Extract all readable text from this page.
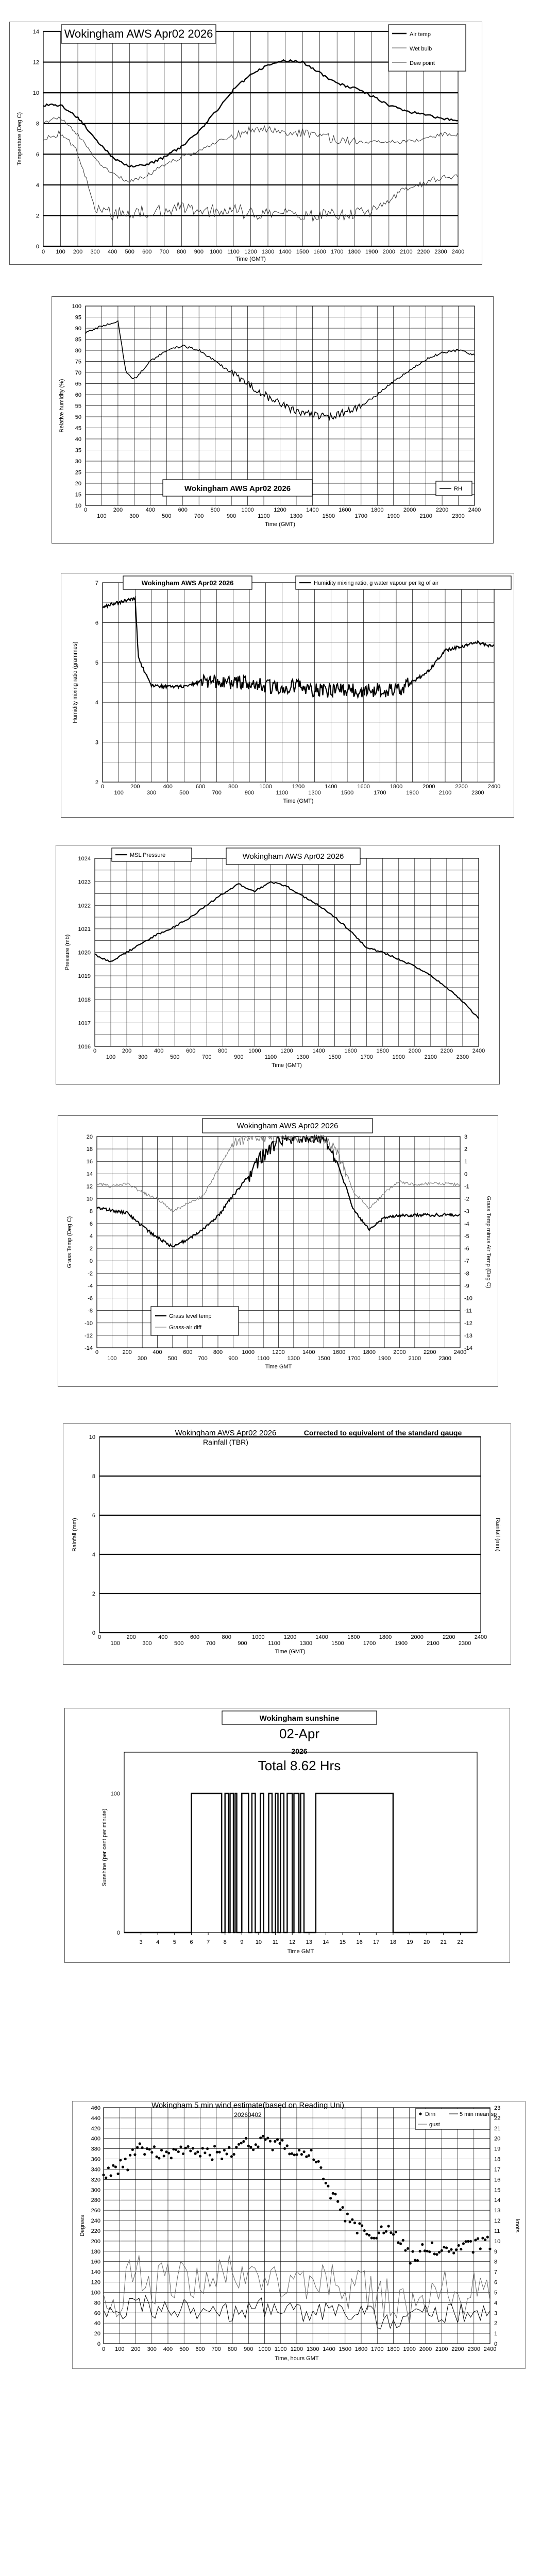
0
2
4
6
8
10
12
14
0 100 200 300 400 500 600 700 800 900 1000 1100 1200 1300 1400 1500 1600 1700 1800 1900 2000 2100 2200 2300 2400
Time (GMT)
Temperature (Deg C)
Wokingham AWS Apr02 2026	Air temp
Wet bulb
Dew point
10
15
20
25
30
35
40
45
50
55
60
65
70
75
80
85
90
95
100
0
100
200
300
400
500
600
700
800
900
1000
1100
1200
1300
1400
1500
1600
1700
1800
1900
2000
2100
2200
2300
2400
Time (GMT)
Relative humidity (%)
Wokingham AWS Apr02 2026	RH
2
3
4
5
6
7
0
100
200
300
400
500
600
700
800
900
1000
1100
1200
1300
1400
1500
1600
1700
1800
1900
2000
2100
2200
2300
2400
Time (GMT)
Humidity mixing ratio (grammes)
Wokingham AWS Apr02 2026	Humidity mixing ratio, g water vapour per kg of air
1016
1017
1018
1019
1020
1021
1022
1023
1024
0
100
200
300
400
500
600
700
800
900
1000
1100
1200
1300
1400
1500
1600
1700
1800
1900
2000
2100
2200
2300
2400
Time (GMT)
Pressure (mb)
MSL Pressure	Wokingham AWS Apr02 2026
-14
-12
-10
-8
-6
-4
-2
0
2
4
6
8
10
12
14
16
18
20
-14
-13
-12
-11
-10
-9
-8
-7
-6
-5
-4
-3
-2
-1
0
1
2
3
0
100
200
300
400
500
600
700
800
900
1000
1100
1200
1300
1400
1500
1600
1700
1800
1900
2000
2100
2200
2300
2400
Time GMT
Grass Temp (Deg C)	Grass Temp minus Air Temp (Deg C)
Wokingham AWS Apr02 2026
Grass level temp
Grass-air diff
0
2
4
6
8
10
0
100
200
300
400
500
600
700
800
900
1000
1100
1200
1300
1400
1500
1600
1700
1800
1900
2000
2100
2200
2300
2400
Time (GMT)
Rainfall (mm)	Rainfall (mm)
Wokingham AWS Apr02 2026
Rainfall (TBR)
Corrected to equivalent of the standard gauge
100
0
3 4 5 6 7 8 9 10 11 12 13 14 15 16 17 18 19 20 21 22
Time GMT
Sunshine (per cent per minute)
Wokingham sunshine
02-Apr
2026
Total 8.62 Hrs
0
20
40
60
80
100
120
140
160
180
200
220
240
260
280
300
320
340
360
380
400
420
440
460
0
1
2
3
4
5
6
7
8
9
10
11
12
13
14
15
16
17
18
19
20
21
22
23
0 100 200 300 400 500 600 700 800 900 1000 1100 1200 1300 1400 1500 1600 1700 1800 1900 2000 2100 2200 2300 2400
Time, hours GMT
Degrees	knots
Wokingham 5 min wind estimate(based on Reading Uni)
20260402	Dirn	5 min mean sp
gust
